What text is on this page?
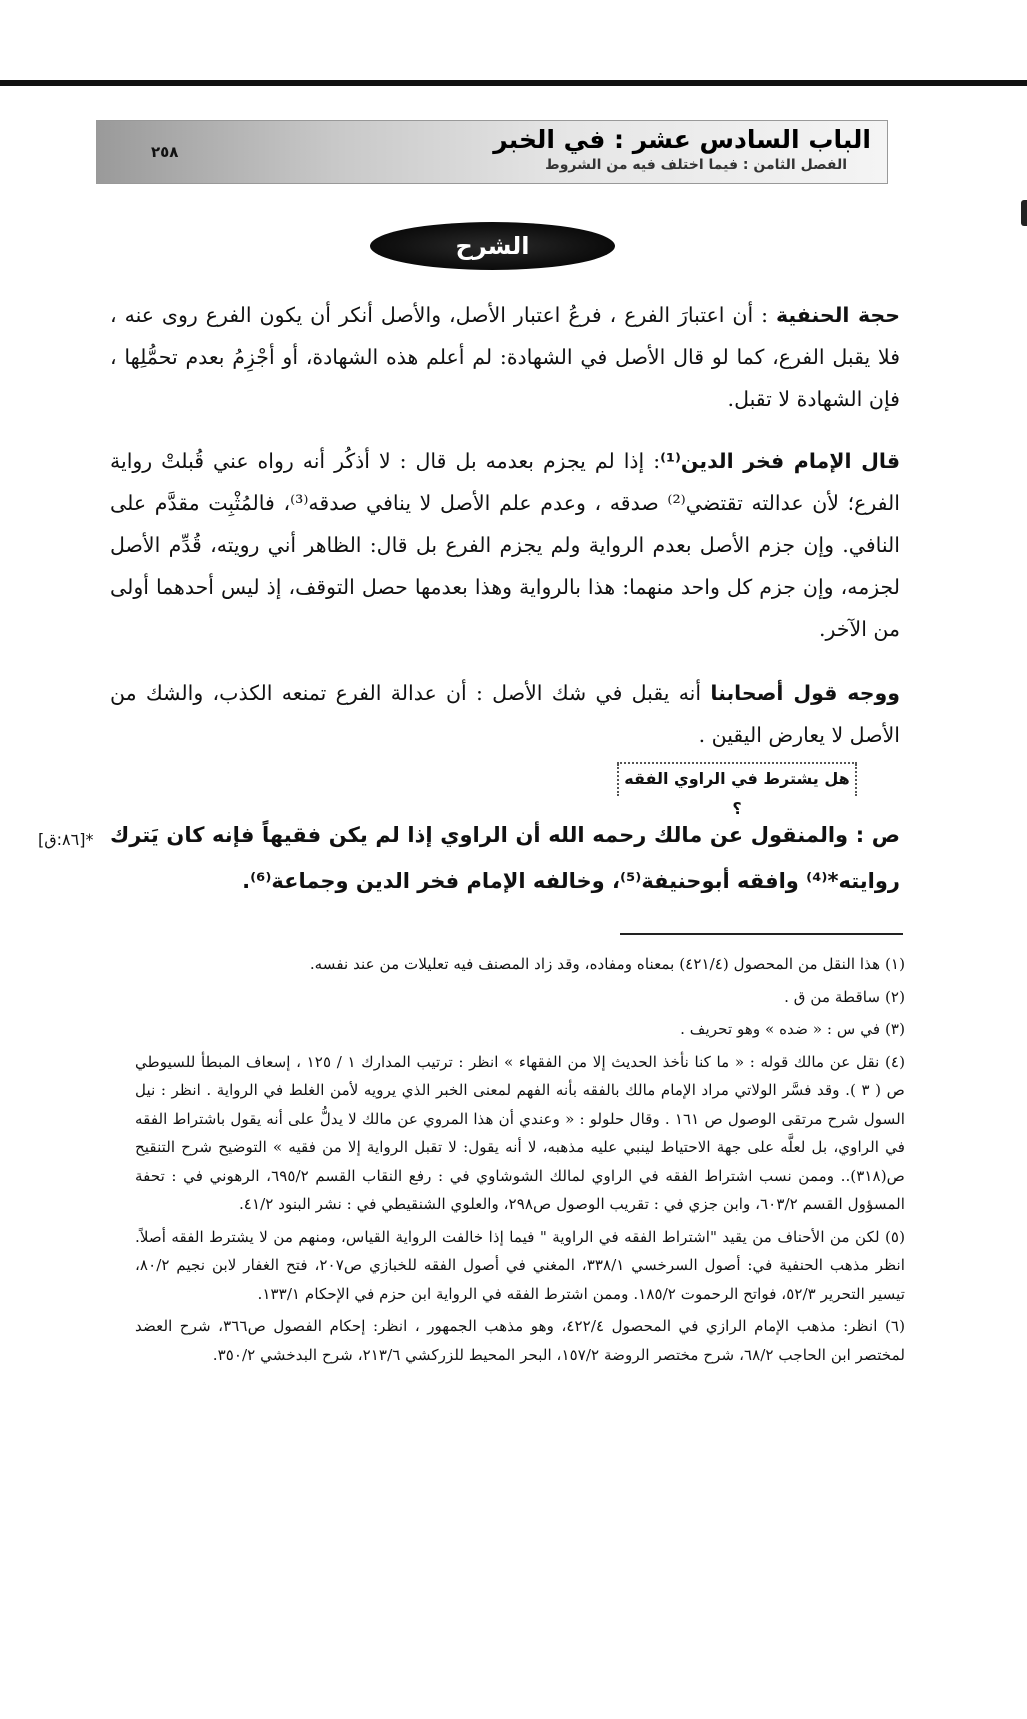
الباب السادس عشر : في الخبر
الفصل الثامن : فيما اختلف فيه من الشروط
٢٥٨
الشرح

حجة الحنفية : أن اعتبارَ الفرع ، فرعُ اعتبار الأصل، والأصل أنكر أن يكون الفرع روى عنه ، فلا يقبل الفرع، كما لو قال الأصل في الشهادة: لم أعلم هذه الشهادة، أو أجْزِمُ بعدم تحمُّلِها ، فإن الشهادة لا تقبل.

قال الإمام فخر الدين⁽¹⁾: إذا لم يجزم بعدمه بل قال : لا أذكُر أنه رواه عني قُبلتْ رواية الفرع؛ لأن عدالته تقتضي⁽²⁾ صدقه ، وعدم علم الأصل لا ينافي صدقه⁽³⁾، فالمُثْبِت مقدَّم على النافي. وإن جزم الأصل بعدم الرواية ولم يجزم الفرع بل قال: الظاهر أني رويته، قُدِّم الأصل لجزمه، وإن جزم كل واحد منهما: هذا بالرواية وهذا بعدمها حصل التوقف، إذ ليس أحدهما أولى من الآخر.

ووجه قول أصحابنا أنه يقبل في شك الأصل : أن عدالة الفرع تمنعه الكذب، والشك من الأصل لا يعارض اليقين .

هل يشترط في الراوي الفقه ؟
*[٨٦:ق] ص : والمنقول عن مالك رحمه الله أن الراوي إذا لم يكن فقيهاً فإنه كان يَترك روايته*⁽⁴⁾ وافقه أبوحنيفة⁽⁵⁾، وخالفه الإمام فخر الدين وجماعة⁽⁶⁾.

(١) هذا النقل من المحصول (٤٢١/٤) بمعناه ومفاده، وقد زاد المصنف فيه تعليلات من عند نفسه.
(٢) ساقطة من ق .
(٣) في س : « ضده » وهو تحريف .
(٤) نقل عن مالك قوله : « ما كنا نأخذ الحديث إلا من الفقهاء » انظر : ترتيب المدارك ١ / ١٢٥ ، إسعاف المبطأ للسيوطي ص ( ٣ ). وقد فسَّر الولاتي مراد الإمام مالك بالفقه بأنه الفهم لمعنى الخبر الذي يرويه لأمن الغلط في الرواية . انظر : نيل السول شرح مرتقى الوصول ص ١٦١ . وقال حلولو : « وعندي أن هذا المروي عن مالك لا يدلُّ على أنه يقول باشتراط الفقه في الراوي، بل لعلَّه على جهة الاحتياط لينبي عليه مذهبه، لا أنه يقول: لا تقبل الرواية إلا من فقيه » التوضيح شرح التنقيح ص(٣١٨).. وممن نسب اشتراط الفقه في الراوي لمالك الشوشاوي في : رفع النقاب القسم ٦٩٥/٢، الرهوني في : تحفة المسؤول القسم ٦٠٣/٢، وابن جزي في : تقريب الوصول ص٢٩٨، والعلوي الشنقيطي في : نشر البنود ٤١/٢.
(٥) لكن من الأحناف من يقيد "اشتراط الفقه في الراوية " فيما إذا خالفت الرواية القياس، ومنهم من لا يشترط الفقه أصلاً. انظر مذهب الحنفية في: أصول السرخسي ٣٣٨/١، المغني في أصول الفقه للخبازي ص٢٠٧، فتح الغفار لابن نجيم ٨٠/٢، تيسير التحرير ٥٢/٣، فواتح الرحموت ١٨٥/٢. وممن اشترط الفقه في الرواية ابن حزم في الإحكام ١٣٣/١.
(٦) انظر: مذهب الإمام الرازي في المحصول ٤٢٢/٤، وهو مذهب الجمهور ، انظر: إحكام الفصول ص٣٦٦، شرح العضد لمختصر ابن الحاجب ٦٨/٢، شرح مختصر الروضة ١٥٧/٢، البحر المحيط للزركشي ٢١٣/٦، شرح البدخشي ٣٥٠/٢.
